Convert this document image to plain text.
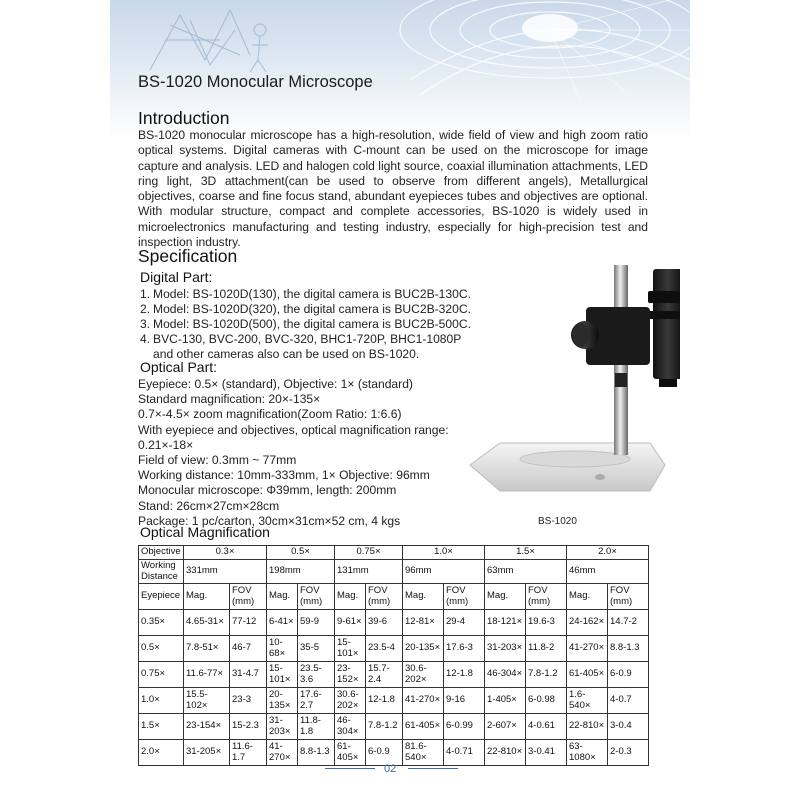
BS-1020 Monocular Microscope
Introduction
BS-1020 monocular microscope has a high-resolution, wide field of view and high zoom ratio optical systems. Digital cameras with C-mount can be used on the microscope for image capture and analysis. LED and halogen cold light source, coaxial illumination attachments, LED ring light, 3D attachment(can be used to observe from different angels), Metallurgical objectives, coarse and fine focus stand, abundant eyepieces tubes and objectives are optional. With modular structure, compact and complete accessories, BS-1020 is widely used in microelectronics manufacturing and testing industry, especially for high-precision test and inspection industry.
Specification
Digital Part:
1. Model: BS-1020D(130), the digital camera is BUC2B-130C.
2. Model: BS-1020D(320), the digital camera is BUC2B-320C.
3. Model: BS-1020D(500), the digital camera is BUC2B-500C.
4. BVC-130, BVC-200, BVC-320, BHC1-720P, BHC1-1080P
and other cameras also can be used on BS-1020.
Optical Part:
Eyepiece: 0.5× (standard), Objective: 1× (standard)
Standard magnification: 20×-135×
0.7×-4.5× zoom magnification(Zoom Ratio: 1:6.6)
With eyepiece and objectives, optical magnification range:
0.21×-18×
Field of view: 0.3mm ~ 77mm
Working distance: 10mm-333mm, 1× Objective: 96mm
Monocular microscope: Φ39mm, length: 200mm
Stand: 26cm×27cm×28cm
Package: 1 pc/carton, 30cm×31cm×52 cm, 4 kgs	BS-1020
Optical Magnification
Objective	0.3×		0.5×		0.75×		1.0×		1.5×		2.0×	
Working Distance	331mm		198mm		131mm		96mm		63mm		46mm	
Eyepiece	Mag.	FOV (mm)	Mag.	FOV (mm)	Mag.	FOV (mm)	Mag.	FOV (mm)	Mag.	FOV (mm)	Mag.	FOV (mm)
0.35×	4.65-31×	77-12	6-41×	59-9	9-61×	39-6	12-81×	29-4	18-121×	19.6-3	24-162×	14.7-2
0.5×	7.8-51×	46-7	10-68×	35-5	15-101×	23.5-4	20-135×	17.6-3	31-203×	11.8-2	41-270×	8.8-1.3
0.75×	11.6-77×	31-4.7	15-101×	23.5-3.6	23-152×	15.7-2.4	30.6-202×	12-1.8	46-304×	7.8-1.2	61-405×	6-0.9
1.0×	15.5-102×	23-3	20-135×	17.6-2.7	30.6-202×	12-1.8	41-270×	9-16	1-405×	6-0.98	1.6-540×	4-0.7
1.5×	23-154×	15-2.3	31-203×	11.8-1.8	46-304×	7.8-1.2	61-405×	6-0.99	2-607×	4-0.61	22-810×	3-0.4
2.0×	31-205×	11.6-1.7	41-270×	8.8-1.3	61-405×	6-0.9	81.6-540×	4-0.71	22-810×	3-0.41	63-1080×	2-0.3
02
